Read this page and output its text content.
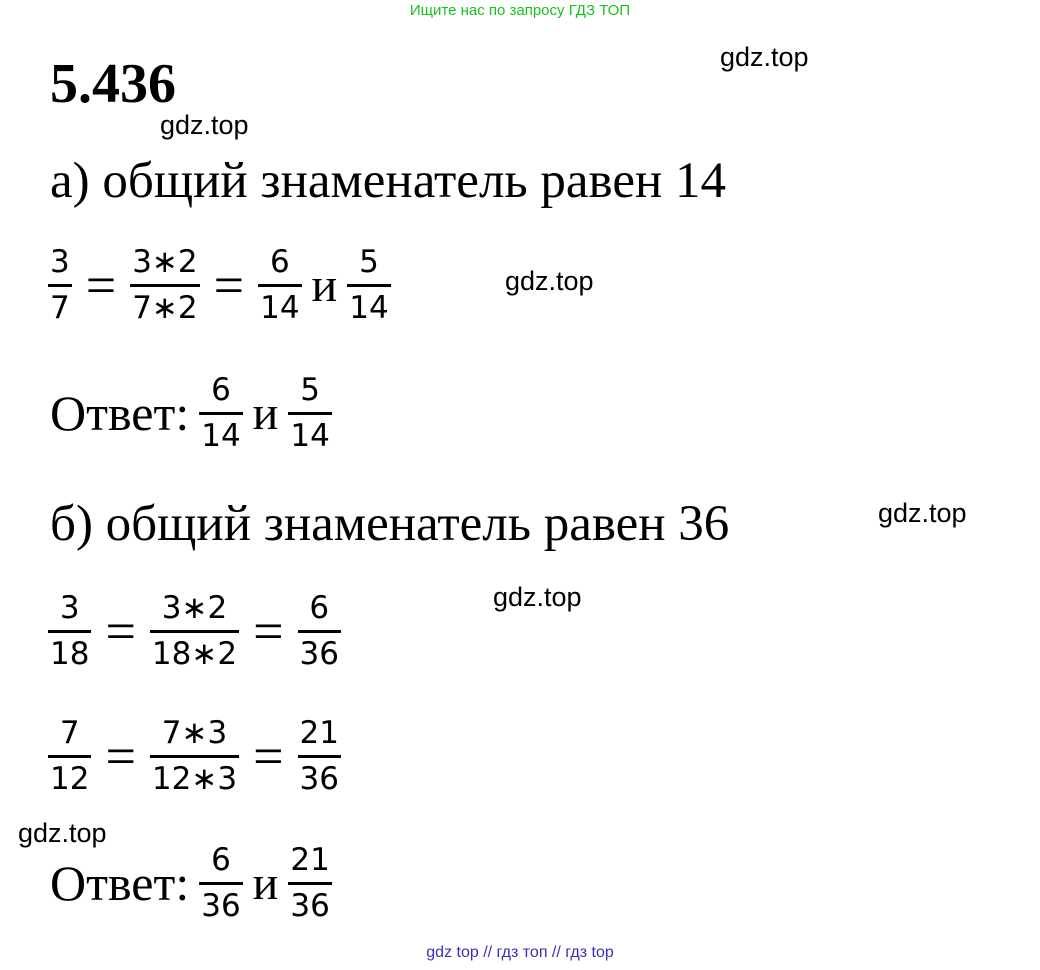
Ищите нас по запросу ГДЗ ТОП
5.436	gdz.top
gdz.top
gdz.top
gdz.top
gdz.top
gdz.top
а) общий знаменатель равен 14
$\frac{3}{7} = \frac{3∗2}{7∗2} = \frac{6}{14}$ и $\frac{5}{14}$
Ответ: $\frac{6}{14}$ и $\frac{5}{14}$
б) общий знаменатель равен 36
$\frac{3}{18} = \frac{3∗2}{18∗2} = \frac{6}{36}$
$\frac{7}{12} = \frac{7∗3}{12∗3} = \frac{21}{36}$
Ответ: $\frac{6}{36}$ и $\frac{21}{36}$
gdz top // гдз топ // гдз top
